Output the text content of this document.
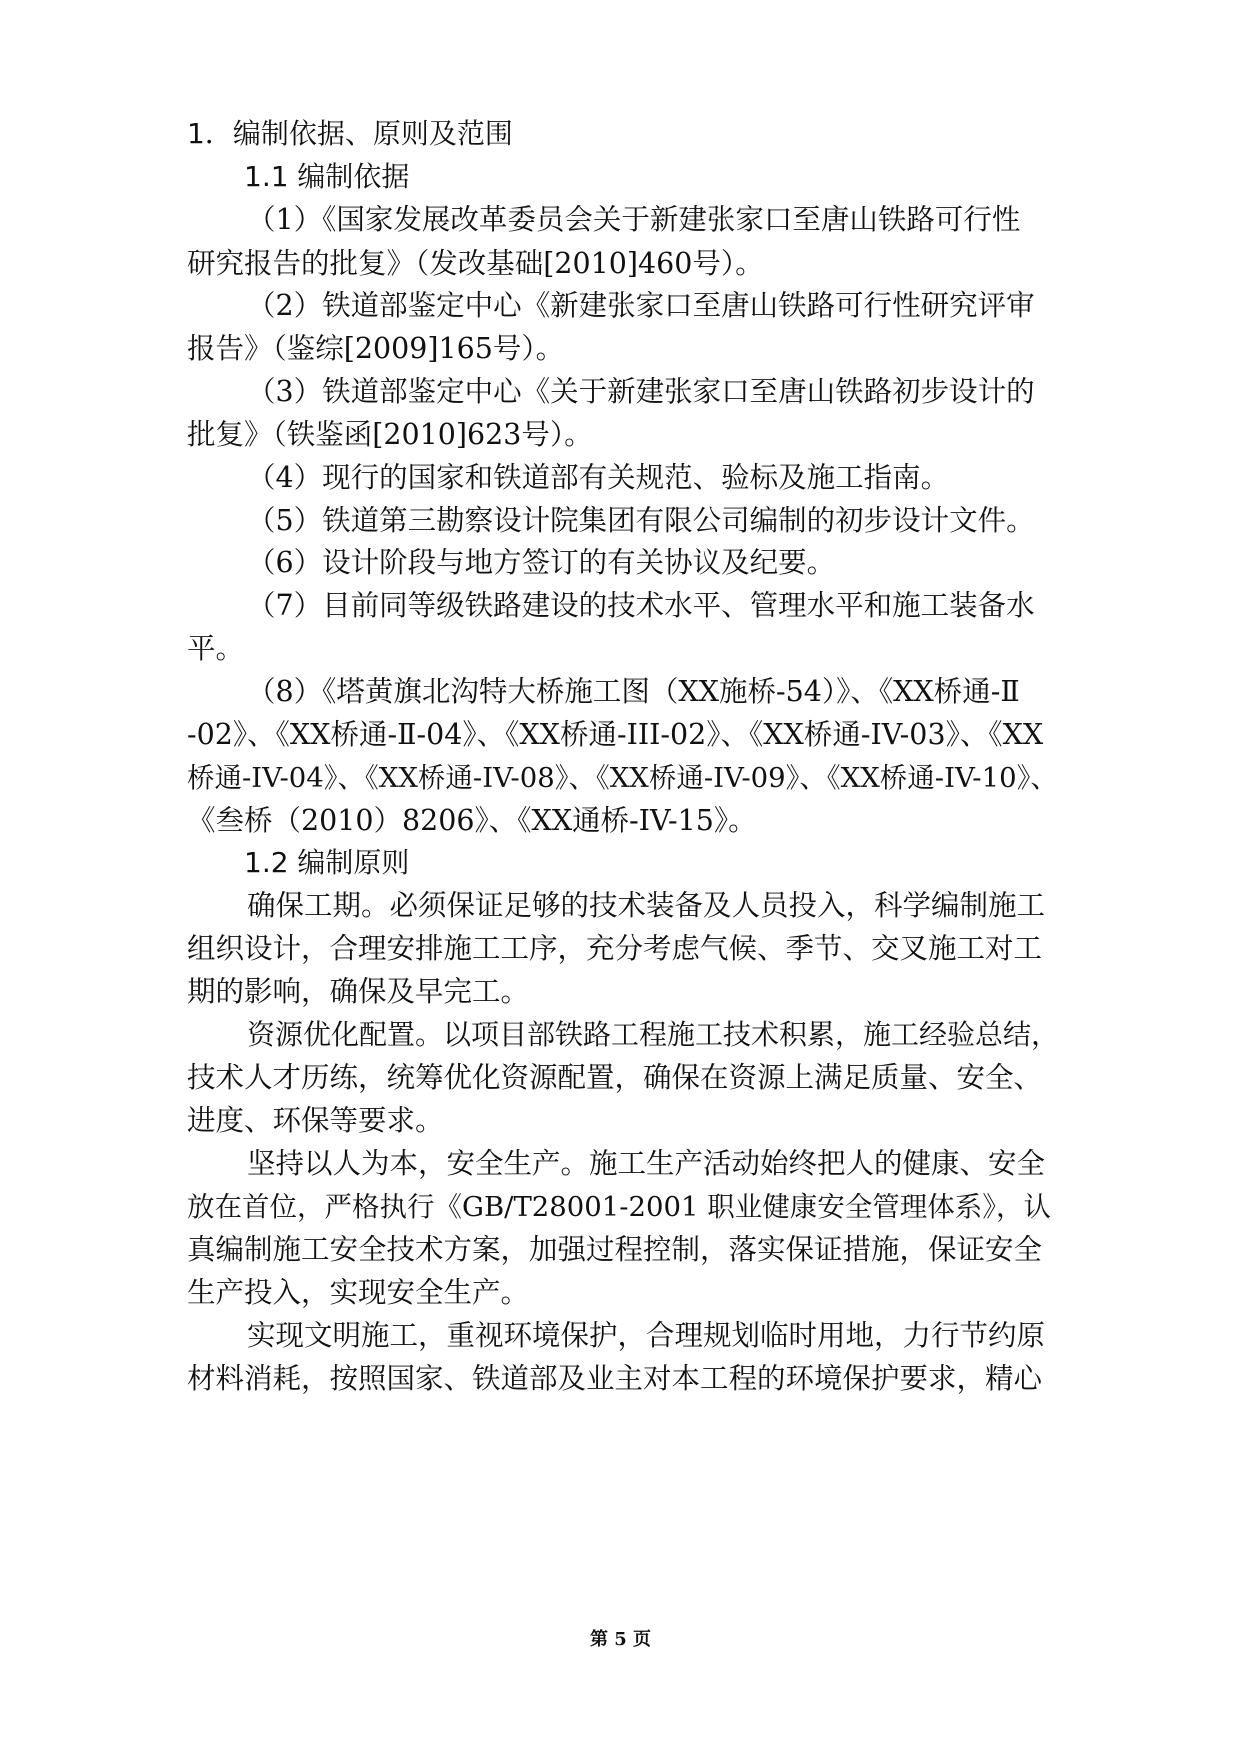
1．编制依据、原则及范围
1.1 编制依据
（1）《国家发展改革委员会关于新建张家口至唐山铁路可行性
研究报告的批复》（发改基础[2010]460号）。
（2）铁道部鉴定中心《新建张家口至唐山铁路可行性研究评审
报告》（鉴综[2009]165号）。
（3）铁道部鉴定中心《关于新建张家口至唐山铁路初步设计的
批复》（铁鉴函[2010]623号）。
（4）现行的国家和铁道部有关规范、验标及施工指南。
（5）铁道第三勘察设计院集团有限公司编制的初步设计文件。
（6）设计阶段与地方签订的有关协议及纪要。
（7）目前同等级铁路建设的技术水平、管理水平和施工装备水
平。
（8）《塔黄旗北沟特大桥施工图（XX施桥-54）》、《XX桥通-Ⅱ
-02》、《XX桥通-Ⅱ-04》、《XX桥通-III-02》、《XX桥通-IV-03》、《XX
桥通-IV-04》、《XX桥通-IV-08》、《XX桥通-IV-09》、《XX桥通-IV-10》、
《叁桥（2010）8206》、《XX通桥-IV-15》。
1.2 编制原则
确保工期。必须保证足够的技术装备及人员投入，科学编制施工
组织设计，合理安排施工工序，充分考虑气候、季节、交叉施工对工
期的影响，确保及早完工。
资源优化配置。以项目部铁路工程施工技术积累，施工经验总结，
技术人才历练，统筹优化资源配置，确保在资源上满足质量、安全、
进度、环保等要求。
坚持以人为本，安全生产。施工生产活动始终把人的健康、安全
放在首位，严格执行《GB/T28001-2001 职业健康安全管理体系》，认
真编制施工安全技术方案，加强过程控制，落实保证措施，保证安全
生产投入，实现安全生产。
实现文明施工，重视环境保护，合理规划临时用地，力行节约原
材料消耗，按照国家、铁道部及业主对本工程的环境保护要求，精心
第 5 页
